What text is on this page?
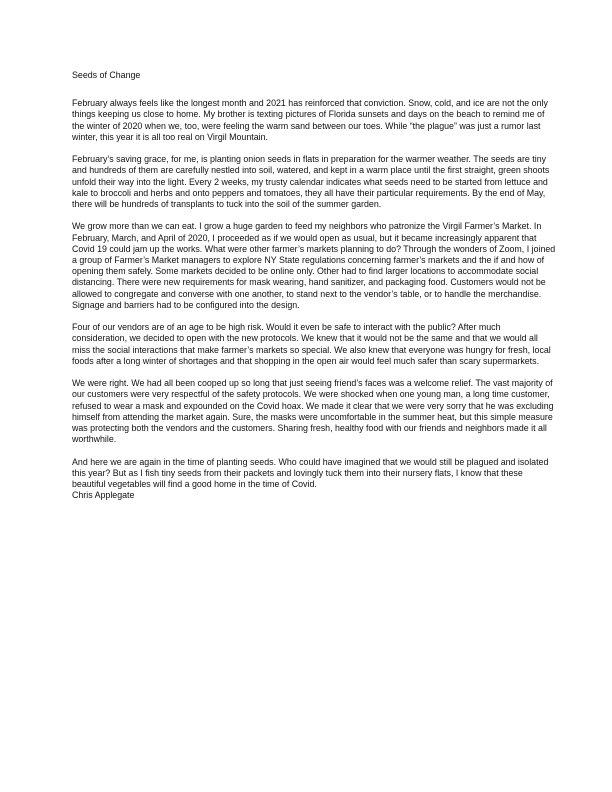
Seeds of Change

February always feels like the longest month and 2021 has reinforced that conviction. Snow, cold, and ice are not the only things keeping us close to home. My brother is texting pictures of Florida sunsets and days on the beach to remind me of the winter of 2020 when we, too, were feeling the warm sand between our toes. While “the plague” was just a rumor last winter, this year it is all too real on Virgil Mountain.

February’s saving grace, for me, is planting onion seeds in flats in preparation for the warmer weather. The seeds are tiny and hundreds of them are carefully nestled into soil, watered, and kept in a warm place until the first straight, green shoots unfold their way into the light. Every 2 weeks, my trusty calendar indicates what seeds need to be started from lettuce and kale to broccoli and herbs and onto peppers and tomatoes, they all have their particular requirements. By the end of May, there will be hundreds of transplants to tuck into the soil of the summer garden.

We grow more than we can eat. I grow a huge garden to feed my neighbors who patronize the Virgil Farmer’s Market. In February, March, and April of 2020, I proceeded as if we would open as usual, but it became increasingly apparent that Covid 19 could jam up the works. What were other farmer’s markets planning to do? Through the wonders of Zoom, I joined a group of Farmer’s Market managers to explore NY State regulations concerning farmer’s markets and the if and how of opening them safely. Some markets decided to be online only. Other had to find larger locations to accommodate social distancing. There were new requirements for mask wearing, hand sanitizer, and packaging food. Customers would not be allowed to congregate and converse with one another, to stand next to the vendor’s table, or to handle the merchandise. Signage and barriers had to be configured into the design.

Four of our vendors are of an age to be high risk. Would it even be safe to interact with the public? After much consideration, we decided to open with the new protocols. We knew that it would not be the same and that we would all miss the social interactions that make farmer’s markets so special. We also knew that everyone was hungry for fresh, local foods after a long winter of shortages and that shopping in the open air would feel much safer than scary supermarkets.

We were right. We had all been cooped up so long that just seeing friend’s faces was a welcome relief. The vast majority of our customers were very respectful of the safety protocols. We were shocked when one young man, a long time customer, refused to wear a mask and expounded on the Covid hoax. We made it clear that we were very sorry that he was excluding himself from attending the market again. Sure, the masks were uncomfortable in the summer heat, but this simple measure was protecting both the vendors and the customers. Sharing fresh, healthy food with our friends and neighbors made it all worthwhile.

And here we are again in the time of planting seeds. Who could have imagined that we would still be plagued and isolated this year? But as I fish tiny seeds from their packets and lovingly tuck them into their nursery flats, I know that these beautiful vegetables will find a good home in the time of Covid.

Chris Applegate
